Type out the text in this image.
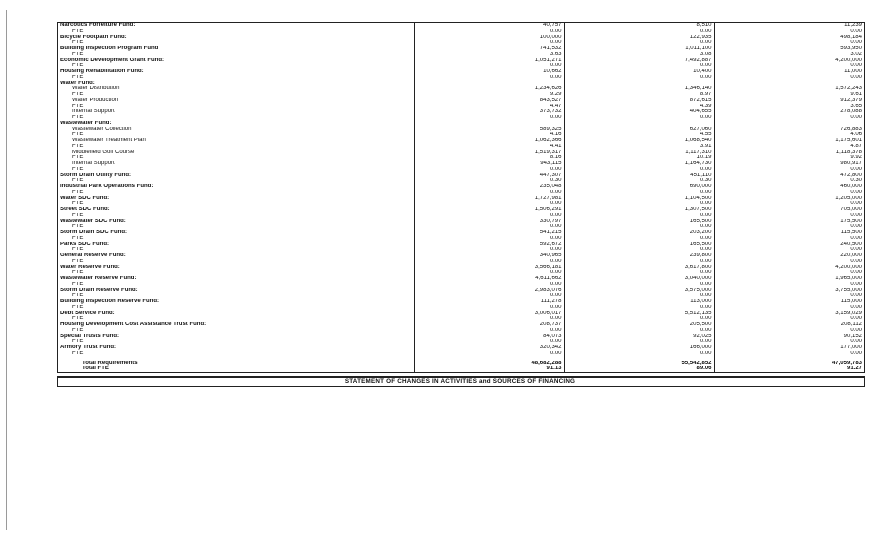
Narcotics Forfeiture Fund:	40,757	8,510	11,239
FTE	0.00	0.00	0.00
Bicycle Footpath Fund:	100,000	122,935	498,184
FTE	0.00	0.00	0.00
Building Inspection Program Fund	741,532	1,011,100	593,950
FTE	3.63	3.08	3.02
Economic Development Grant Fund:	1,051,271	7,492,887	4,200,000
FTE	0.00	0.00	0.00
Housing Rehabilitation Fund:	10,662	10,400	11,000
FTE	0.00	0.00	0.00
Water Fund:			
Water Distribution	1,234,626	1,346,140	1,572,243
FTE	9.29	8.97	9.61
Water Production	843,527	872,615	912,379
FTE	4.47	4.39	3.65
Internal Support	373,732	404,655	278,088
FTE	0.00	0.00	0.00
Wastewater Fund:			
Wastewater Collection	589,325	627,060	726,883
FTE	4.16	4.55	4.06
Wastewater Treatment Plan	1,062,366	1,068,540	1,175,601
FTE	4.41	3.91	4.87
Middlefield Golf Course	1,519,317	1,117,310	1,118,378
FTE	8.16	10.19	9.92
Internal Support	943,115	1,164,730	980,917
FTE	0.00	0.00	0.00
Storm Drain Utility Fund:	447,307	451,110	472,800
FTE	0.30	0.30	0.30
Industrial Park Operations Fund:	235,048	690,000	460,000
FTE	0.00	0.00	0.00
Water SDC Fund:	1,727,981	1,104,500	1,205,000
FTE	0.00	0.00	0.00
Street SDC Fund:	1,506,291	1,307,500	705,000
FTE	0.00	0.00	0.00
Wastewater SDC Fund:	330,797	165,500	175,500
FTE	0.00	0.00	0.00
Storm Drain SDC Fund:	541,215	203,200	115,500
FTE	0.00	0.00	0.00
Parks SDC Fund:	592,672	165,500	240,500
FTE	0.00	0.00	0.00
General Reserve Fund:	340,965	239,800	220,000
FTE	0.00	0.00	0.00
Water Reserve Fund:	3,566,181	3,617,800	4,200,000
FTE	0.00	0.00	0.00
Wastewater Reserve Fund:	4,611,662	3,040,000	1,965,000
FTE	0.00	0.00	0.00
Storm Drain Reserve Fund:	2,983,076	3,575,000	3,755,000
FTE	0.00	0.00	0.00
Building Inspection Reserve Fund:	111,278	113,000	115,000
FTE	0.00	0.00	0.00
Debt Service Fund:	3,006,017	5,512,135	3,159,029
FTE	0.00	0.00	0.00
Housing Development Cost Assistance Trust Fund:	208,737	205,500	208,112
FTE	0.00	0.00	0.00
Special Trusts Fund:	84,073	92,025	90,152
FTE	0.00	0.00	0.00
Armory Trust Fund:	320,342	166,000	177,000
FTE	0.00	0.00	0.00

Total Requirements	48,682,288	55,542,852	47,059,783
Total FTE	91.13	89.06	91.27
STATEMENT OF CHANGES IN ACTIVITIES and SOURCES OF FINANCING
